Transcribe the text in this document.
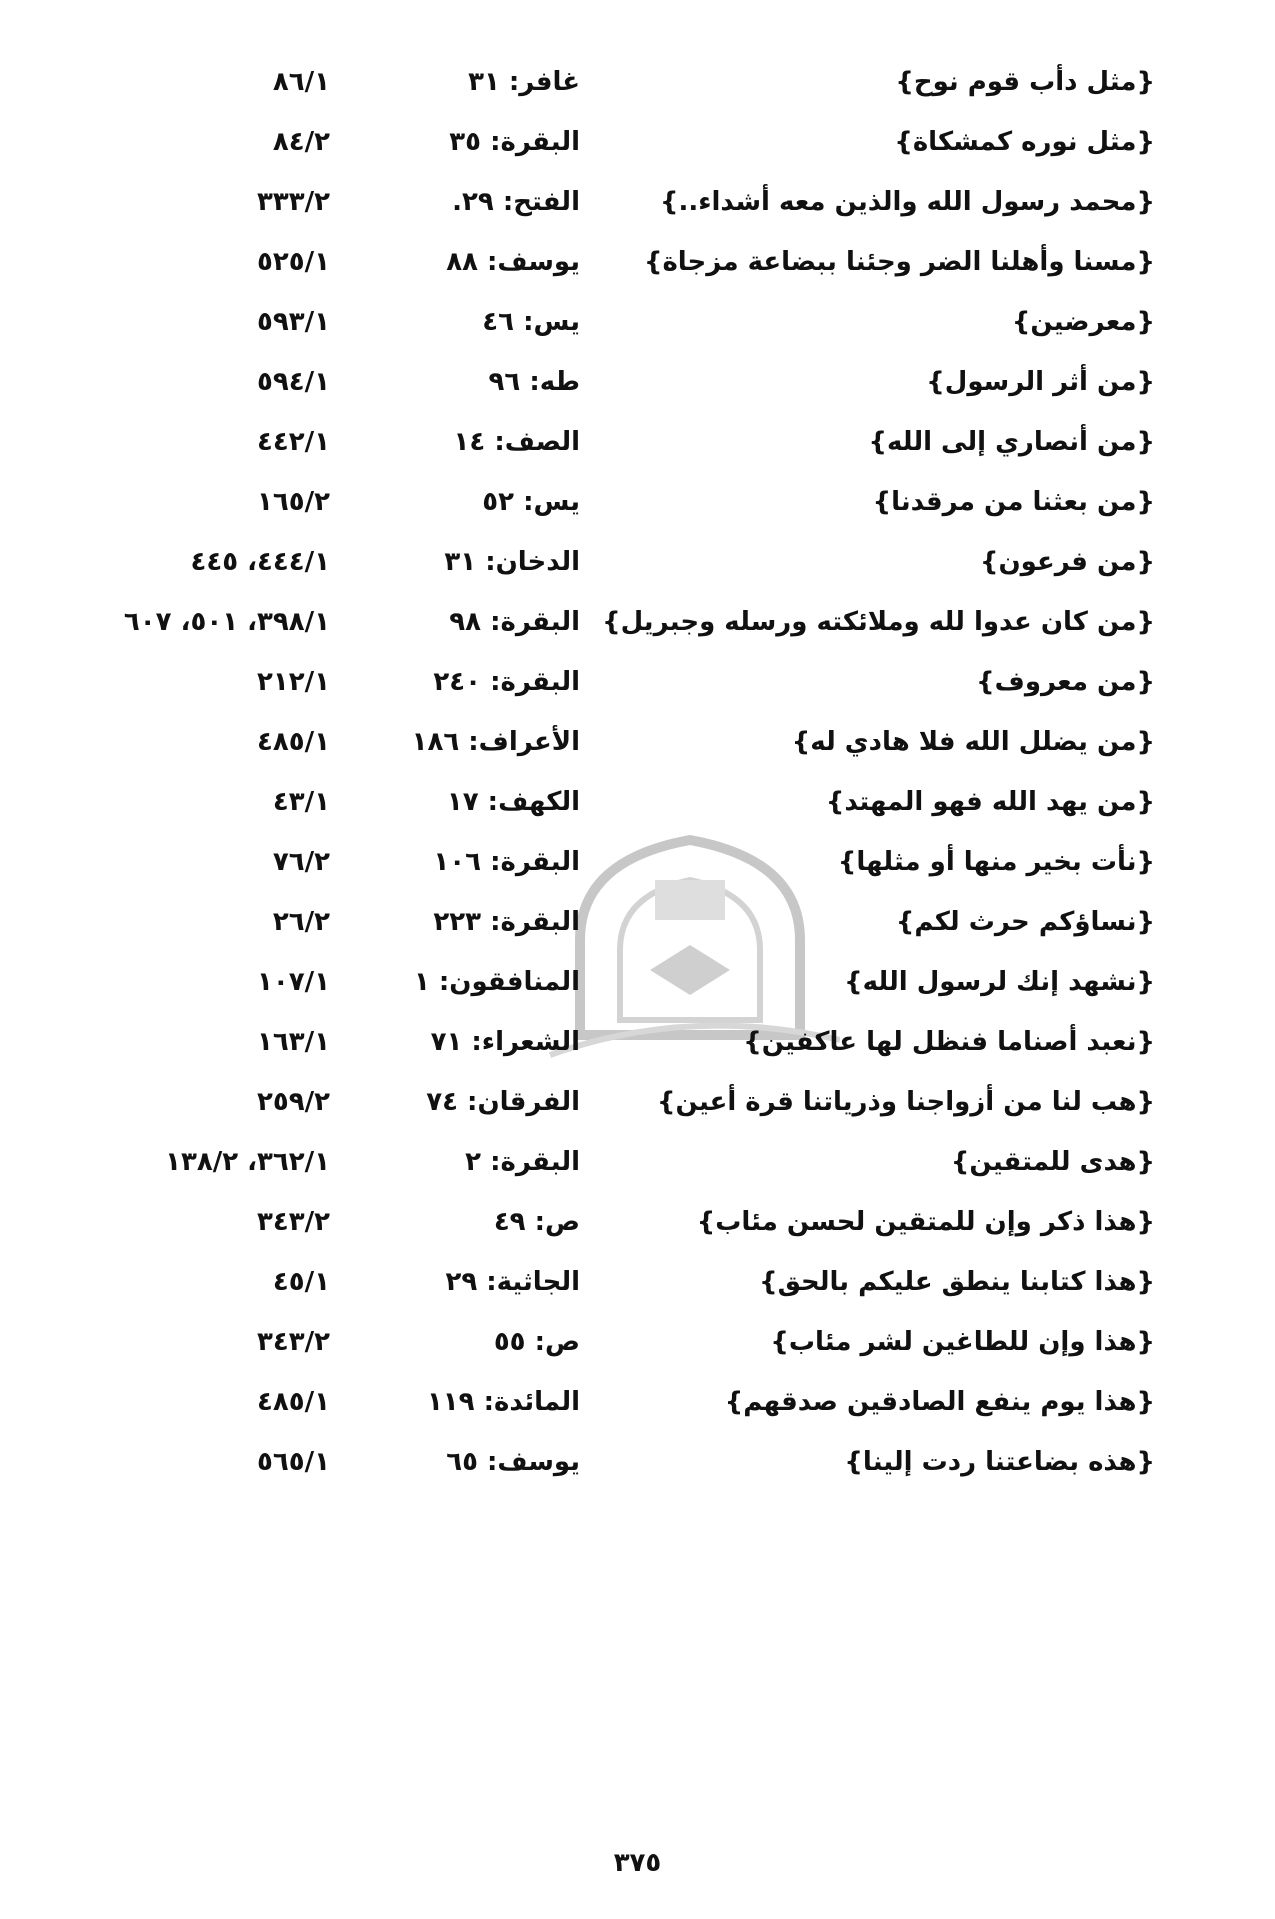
{مثل دأب قوم نوح}
غافر: ٣١
٨٦/١
{مثل نوره كمشكاة}
البقرة: ٣٥
٨٤/٢
{محمد رسول الله والذين معه أشداء..}
الفتح: ٢٩.
٣٣٣/٢
{مسنا وأهلنا الضر وجئنا ببضاعة مزجاة}
يوسف: ٨٨
٥٢٥/١
{معرضين}
يس: ٤٦
٥٩٣/١
{من أثر الرسول}
طه: ٩٦
٥٩٤/١
{من أنصاري إلى الله}
الصف: ١٤
٤٤٢/١
{من بعثنا من مرقدنا}
يس: ٥٢
١٦٥/٢
{من فرعون}
الدخان: ٣١
٤٤٤/١، ٤٤٥
{من كان عدوا لله وملائكته ورسله وجبريل}
البقرة: ٩٨
٣٩٨/١، ٥٠١، ٦٠٧
{من معروف}
البقرة: ٢٤٠
٢١٢/١
{من يضلل الله فلا هادي له}
الأعراف: ١٨٦
٤٨٥/١
{من يهد الله فهو المهتد}
الكهف: ١٧
٤٣/١
{نأت بخير منها أو مثلها}
البقرة: ١٠٦
٧٦/٢
{نساؤكم حرث لكم}
البقرة: ٢٢٣
٢٦/٢
{نشهد إنك لرسول الله}
المنافقون: ١
١٠٧/١
{نعبد أصناما فنظل لها عاكفين}
الشعراء: ٧١
١٦٣/١
{هب لنا من أزواجنا وذرياتنا قرة أعين}
الفرقان: ٧٤
٢٥٩/٢
{هدى للمتقين}
البقرة: ٢
٣٦٢/١، ١٣٨/٢
{هذا ذكر وإن للمتقين لحسن مئاب}
ص: ٤٩
٣٤٣/٢
{هذا كتابنا ينطق عليكم بالحق}
الجاثية: ٢٩
٤٥/١
{هذا وإن للطاغين لشر مئاب}
ص: ٥٥
٣٤٣/٢
{هذا يوم ينفع الصادقين صدقهم}
المائدة: ١١٩
٤٨٥/١
{هذه بضاعتنا ردت إلينا}
يوسف: ٦٥
٥٦٥/١
٣٧٥
